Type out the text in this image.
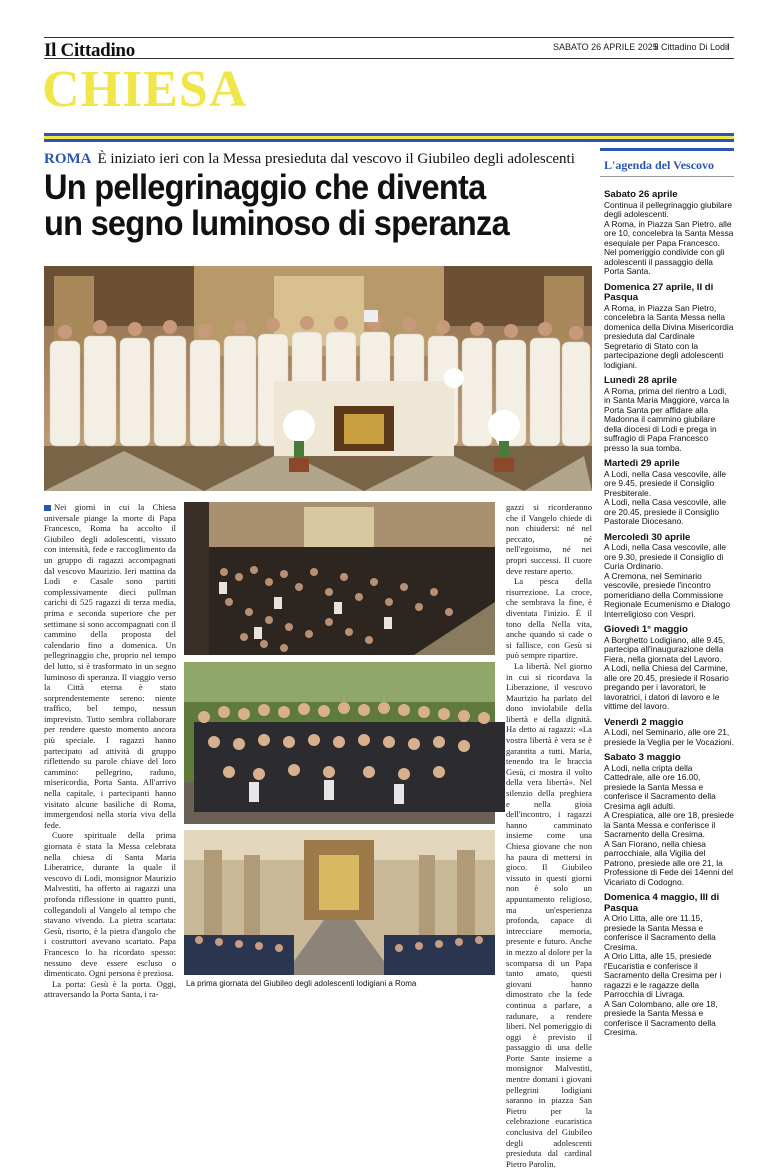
Il Cittadino	SABATO 26 APRILE 2025
Il Cittadino Di Lodi I
CHIESA
ROMA È iniziato ieri con la Messa presieduta dal vescovo il Giubileo degli adolescenti
Un pellegrinaggio che diventa
un segno luminoso di speranza

Nei giorni in cui la Chiesa universale piange la morte di Papa Francesco, Roma ha accolto il Giubileo degli adolescenti, vissuto con intensità, fede e raccoglimento da un gruppo di ragazzi accompagnati dal vescovo Maurizio. Ieri mattina da Lodi e Casale sono partiti complessivamente dieci pullman carichi di 525 ragazzi di terza media, prima e seconda superiore che per settimane si sono accompagnati con il cammino della proposta del calendario fino a domenica. Un pellegrinaggio che, proprio nel tempo del lutto, si è trasformato in un segno luminoso di speranza. Il viaggio verso la Città eterna è stato sorprendentemente sereno: niente traffico, bel tempo, nessun imprevisto. Tutto sembra collaborare per rendere questo momento ancora più speciale. I ragazzi hanno partecipato ad attività di gruppo riflettendo su parole chiave del loro cammino: pellegrino, raduno, misericordia, Porta Santa. All'arrivo nella capitale, i partecipanti hanno visitato alcune basiliche di Roma, immergendosi nella storia viva della fede.

Cuore spirituale della prima giornata è stata la Messa celebrata nella chiesa di Santa Maria Liberatrice, durante la quale il vescovo di Lodi, monsignor Maurizio Malvestiti, ha offerto ai ragazzi una profonda riflessione in quattro punti, collegandoli al Vangelo al tempo che stavano vivendo. La pietra scartata: Gesù, risorto, è la pietra d'angolo che i costruttori avevano scartato. Papa Francesco lo ha ricordato spesso: nessuno deve essere escluso o dimenticato. Ogni persona è preziosa.

La porta: Gesù è la porta. Oggi, attraversando la Porta Santa, i ra-

La prima giornata del Giubileo degli adolescenti lodigiani a Roma

gazzi si ricorderanno che il Vangelo chiede di non chiudersi: né nel peccato, né nell'egoismo, né nei propri successi. Il cuore deve restare aperto.

La pesca della risurrezione. La croce, che sembrava la fine, è diventata l'inizio. È il tono della Nella vita, anche quando si cade o si fallisce, con Gesù si può sempre ripartire.

La libertà. Nel giorno in cui si ricordava la Liberazione, il vescovo Maurizio ha parlato del dono inviolabile della libertà e della dignità. Ha detto ai ragazzi: «La vostra libertà è vera se è garantita a tutti. Maria, tenendo tra le braccia Gesù, ci mostra il volto della vera libertà». Nel silenzio della preghiera e nella gioia dell'incontro, i ragazzi hanno camminato insieme come una Chiesa giovane che non ha paura di mettersi in gioco. Il Giubileo vissuto in questi giorni non è solo un appuntamento religioso, ma un'esperienza profonda, capace di intrecciare memoria, presente e futuro. Anche in mezzo al dolore per la scomparsa di un Papa tanto amato, questi giovani hanno dimostrato che la fede continua a parlare, a radunare, a rendere liberi. Nel pomeriggio di oggi è previsto il passaggio di una delle Porte Sante insieme a monsignor Malvestiti, mentre domani i giovani pellegrini lodigiani saranno in piazza San Pietro per la celebrazione eucaristica conclusiva del Giubileo degli adolescenti presieduta dal cardinal Pietro Parolin.

L'agenda del Vescovo
Sabato 26 aprile

Continua il pellegrinaggio giubilare degli adolescenti.

A Roma, in Piazza San Pietro, alle ore 10, concelebra la Santa Messa esequiale per Papa Francesco. Nel pomeriggio condivide con gli adolescenti il passaggio della Porta Santa.

Domenica 27 aprile, II di Pasqua

A Roma, in Piazza San Pietro, concelebra la Santa Messa nella domenica della Divina Misericordia presieduta dal Cardinale Segretario di Stato con la partecipazione degli adolescenti lodigiani.

Lunedì 28 aprile

A Roma, prima del rientro a Lodi, in Santa Maria Maggiore, varca la Porta Santa per affidare alla Madonna il cammino giubilare della diocesi di Lodi e prega in suffragio di Papa Francesco presso la sua tomba.

Martedì 29 aprile

A Lodi, nella Casa vescovile, alle ore 9.45, presiede il Consiglio Presbiterale.

A Lodi, nella Casa vescovile, alle ore 20.45, presiede il Consiglio Pastorale Diocesano.

Mercoledì 30 aprile

A Lodi, nella Casa vescovile, alle ore 9.30, presiede il Consiglio di Curia Ordinario.

A Cremona, nel Seminario vescovile, presiede l'incontro pomeridiano della Commissione Regionale Ecumenismo e Dialogo Interreligioso con Vespri.

Giovedì 1° maggio

A Borghetto Lodigiano, alle 9.45, partecipa all'inaugurazione della Fiera, nella giornata del Lavoro.

A Lodi, nella Chiesa del Carmine, alle ore 20.45, presiede il Rosario pregando per i lavoratori, le lavoratrici, i datori di lavoro e le vittime del lavoro.

Venerdì 2 maggio

A Lodi, nel Seminario, alle ore 21, presiede la Veglia per le Vocazioni.

Sabato 3 maggio

A Lodi, nella cripta della Cattedrale, alle ore 16.00, presiede la Santa Messa e conferisce il Sacramento della Cresima agli adulti.

A Crespiatica, alle ore 18, presiede la Santa Messa e conferisce il Sacramento della Cresima.

A San Fiorano, nella chiesa parrocchiale, alla Vigilia del Patrono, presiede alle ore 21, la Professione di Fede dei 14enni del Vicariato di Codogno.

Domenica 4 maggio, III di Pasqua

A Orio Litta, alle ore 11.15, presiede la Santa Messa e conferisce il Sacramento della Cresima.

A Orio Litta, alle 15, presiede l'Eucaristia e conferisce il Sacramento della Cresima per i ragazzi e le ragazze della Parrocchia di Livraga.

A San Colombano, alle ore 18, presiede la Santa Messa e conferisce il Sacramento della Cresima.
